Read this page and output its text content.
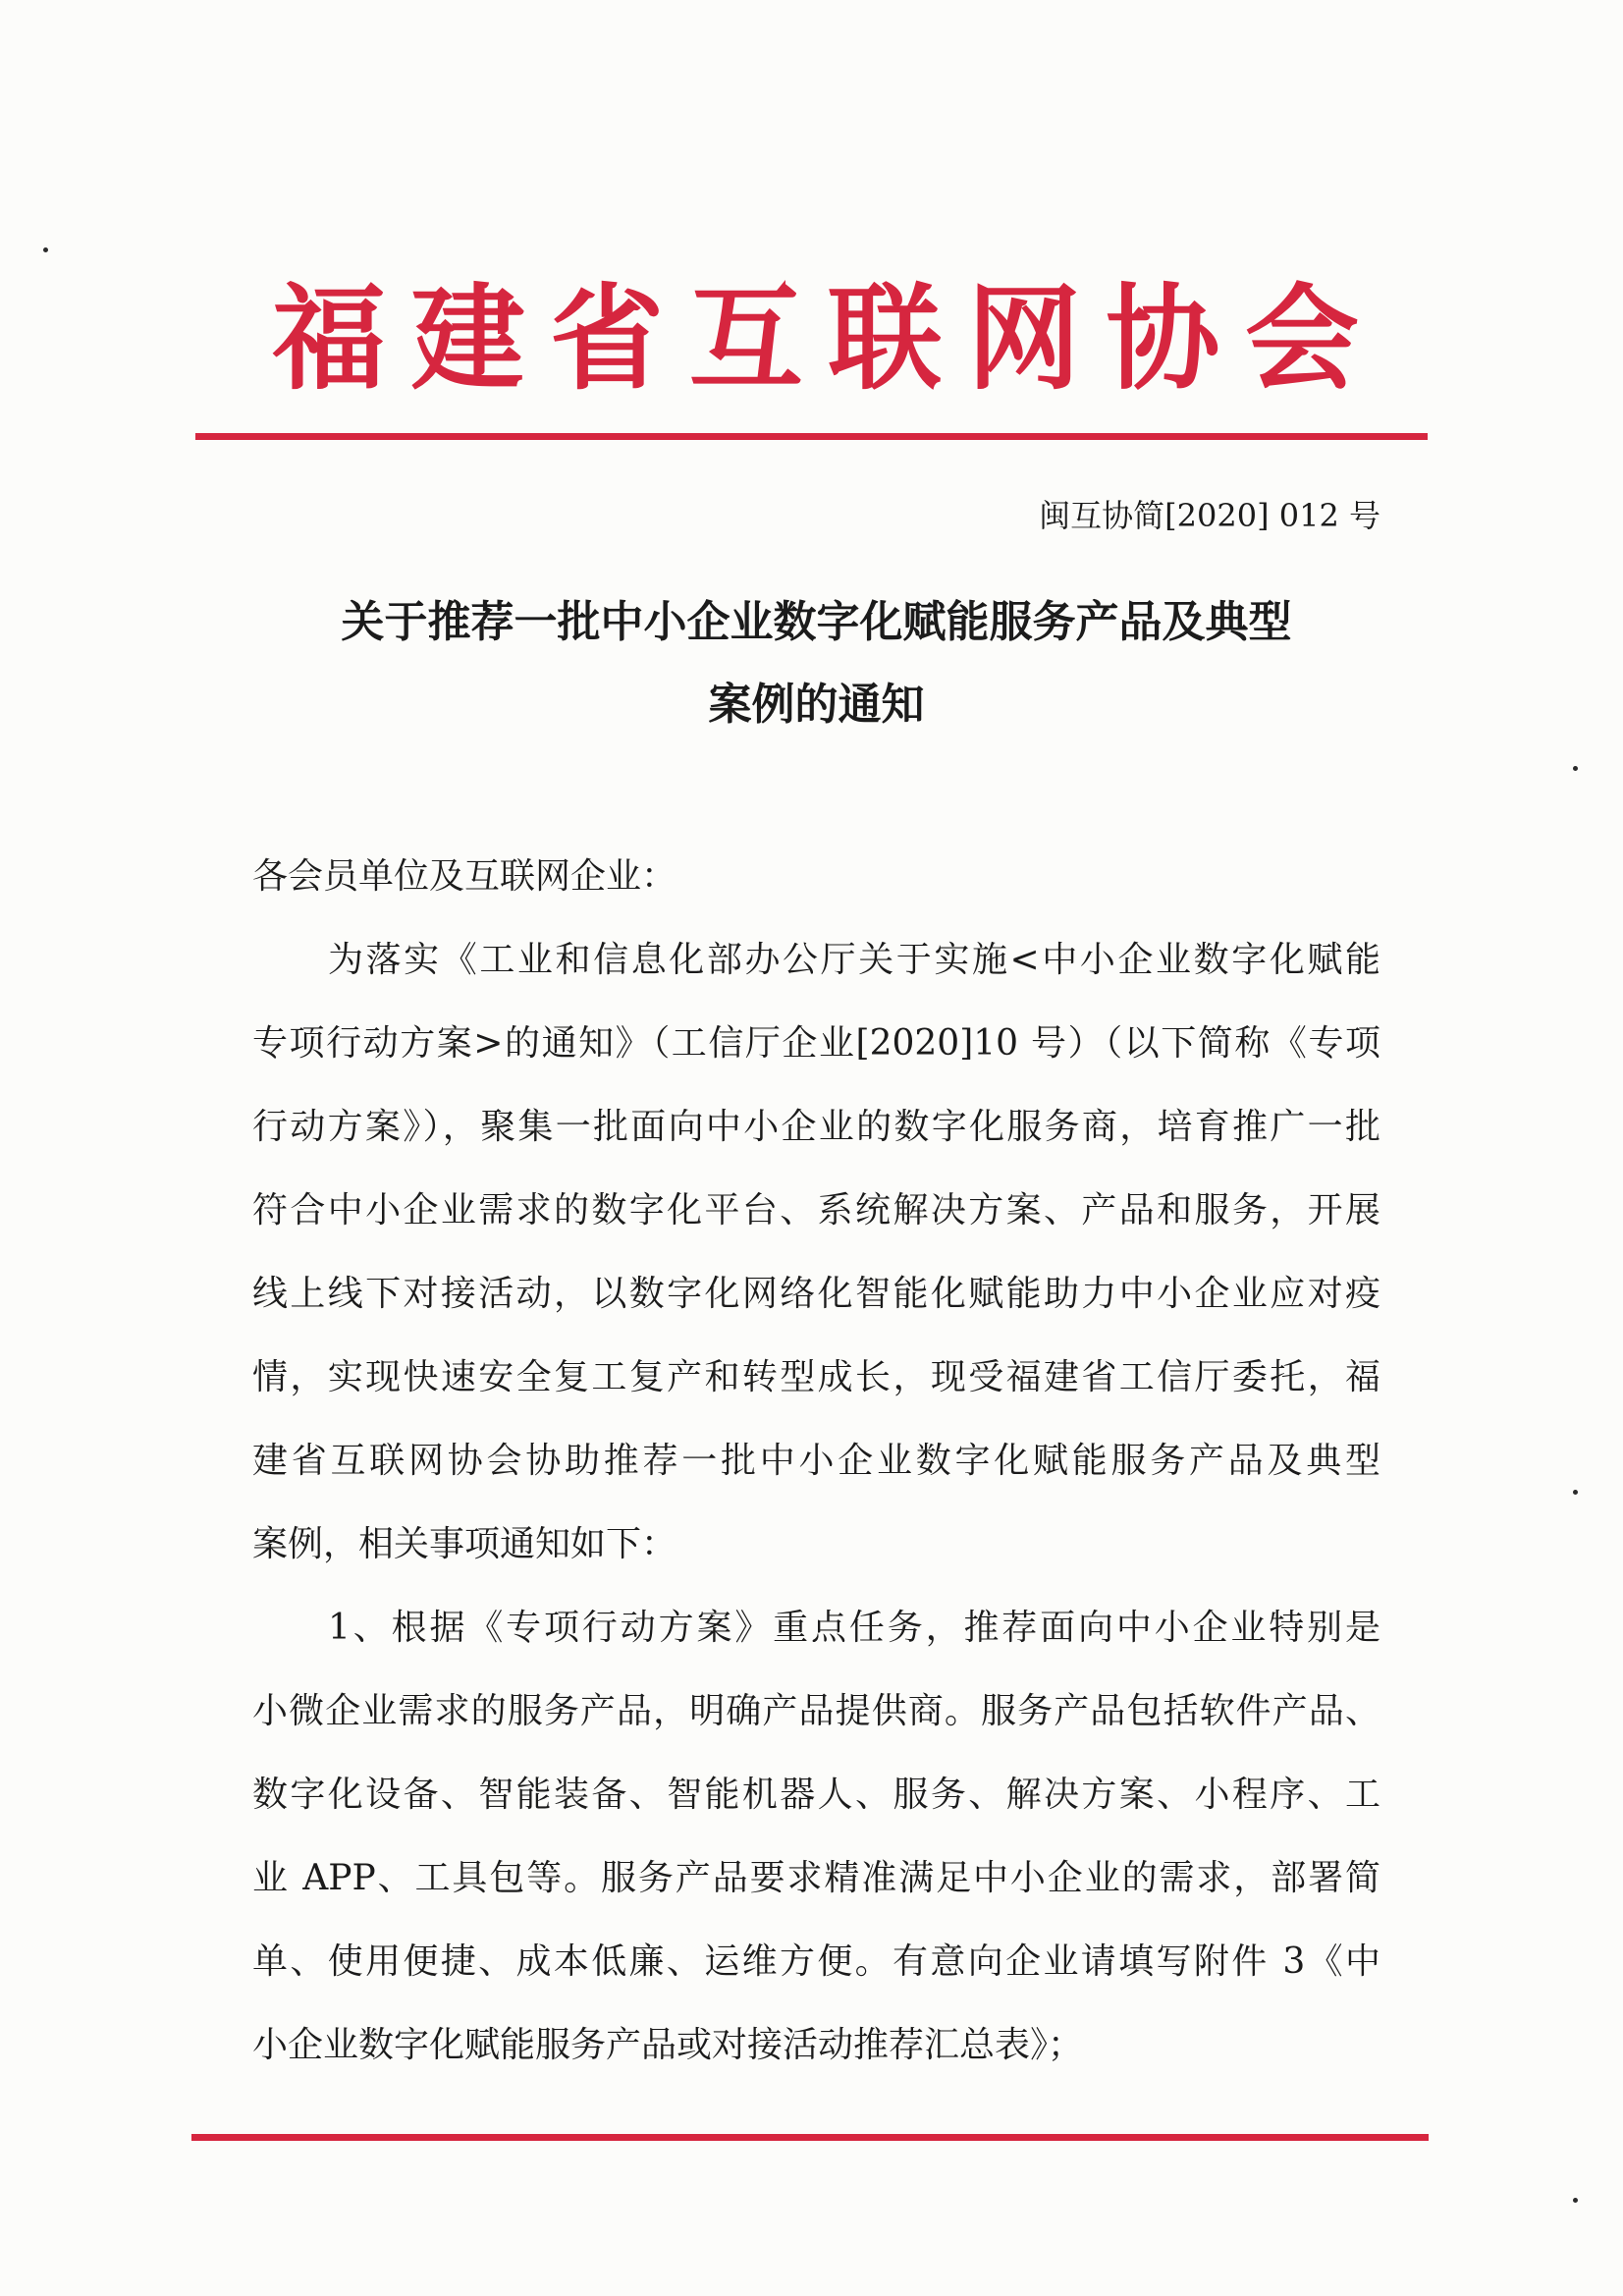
福建省互联网协会
闽互协简[2020] 012 号
关于推荐一批中小企业数字化赋能服务产品及典型
案例的通知
各会员单位及互联网企业：
为落实《工业和信息化部办公厅关于实施<中小企业数字化赋能
专项行动方案>的通知》（工信厅企业[2020]10 号）（以下简称《专项
行动方案》），聚集一批面向中小企业的数字化服务商，培育推广一批
符合中小企业需求的数字化平台、系统解决方案、产品和服务，开展
线上线下对接活动，以数字化网络化智能化赋能助力中小企业应对疫
情，实现快速安全复工复产和转型成长，现受福建省工信厅委托，福
建省互联网协会协助推荐一批中小企业数字化赋能服务产品及典型
案例，相关事项通知如下：
1、根据《专项行动方案》重点任务，推荐面向中小企业特别是
小微企业需求的服务产品，明确产品提供商。服务产品包括软件产品、
数字化设备、智能装备、智能机器人、服务、解决方案、小程序、工
业 APP、工具包等。服务产品要求精准满足中小企业的需求，部署简
单、使用便捷、成本低廉、运维方便。有意向企业请填写附件 3《中
小企业数字化赋能服务产品或对接活动推荐汇总表》；
